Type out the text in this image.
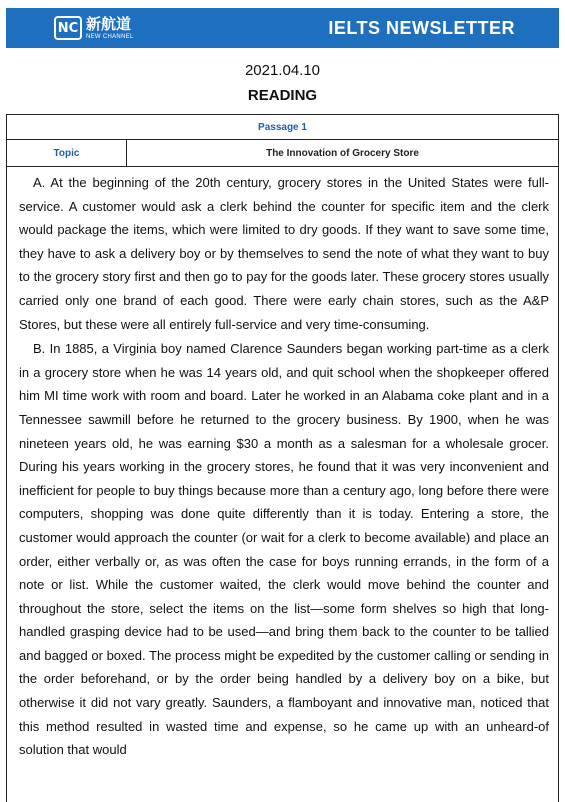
NC 新航道
NEW CHANNEL	IELTS NEWSLETTER
2021.04.10
READING
Passage 1
Topic	The Innovation of Grocery Store

A. At the beginning of the 20th century, grocery stores in the United States were full-service. A customer would ask a clerk behind the counter for specific item and the clerk would package the items, which were limited to dry goods. If they want to save some time, they have to ask a delivery boy or by themselves to send the note of what they want to buy to the grocery story first and then go to pay for the goods later. These grocery stores usually carried only one brand of each good. There were early chain stores, such as the A&P Stores, but these were all entirely full-service and very time-consuming.

B. In 1885, a Virginia boy named Clarence Saunders began working part-time as a clerk in a grocery store when he was 14 years old, and quit school when the shopkeeper offered him MI time work with room and board. Later he worked in an Alabama coke plant and in a Tennessee sawmill before he returned to the grocery business. By 1900, when he was nineteen years old, he was earning $30 a month as a salesman for a wholesale grocer. During his years working in the grocery stores, he found that it was very inconvenient and inefficient for people to buy things because more than a century ago, long before there were computers, shopping was done quite differently than it is today. Entering a store, the customer would approach the counter (or wait for a clerk to become available) and place an order, either verbally or, as was often the case for boys running errands, in the form of a note or list. While the customer waited, the clerk would move behind the counter and throughout the store, select the items on the list—some form shelves so high that long-handled grasping device had to be used—and bring them back to the counter to be tallied and bagged or boxed. The process might be expedited by the customer calling or sending in the order beforehand, or by the order being handled by a delivery boy on a bike, but otherwise it did not vary greatly. Saunders, a flamboyant and innovative man, noticed that this method resulted in wasted time and expense, so he came up with an unheard-of solution that would
